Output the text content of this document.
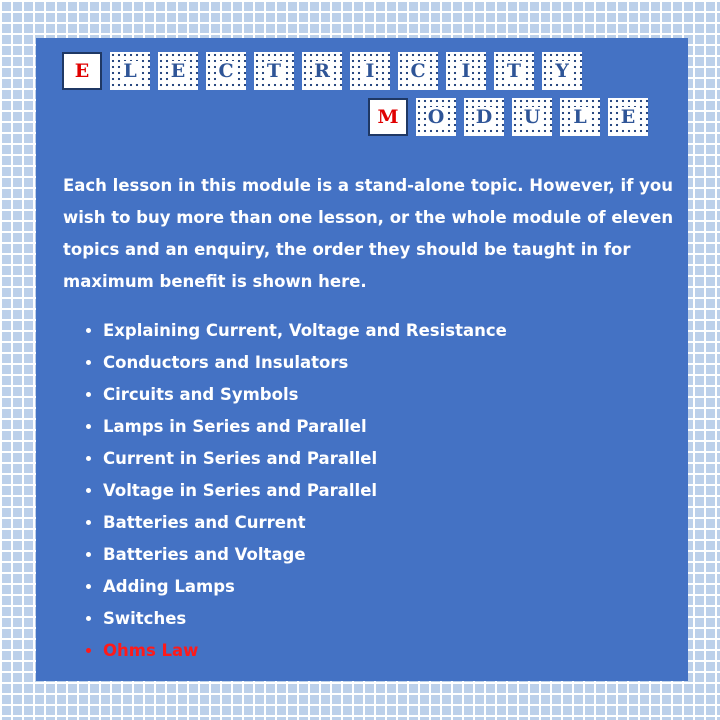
E L E C T R I C I T Y
M O D U L E

Each lesson in this module is a stand-alone topic. However, if you wish to buy more than one lesson, or the whole module of eleven topics and an enquiry, the order they should be taught in for maximum benefit is shown here.

• Explaining Current, Voltage and Resistance
• Conductors and Insulators
• Circuits and Symbols
• Lamps in Series and Parallel
• Current in Series and Parallel
• Voltage in Series and Parallel
• Batteries and Current
• Batteries and Voltage
• Adding Lamps
• Switches
• Ohms Law
